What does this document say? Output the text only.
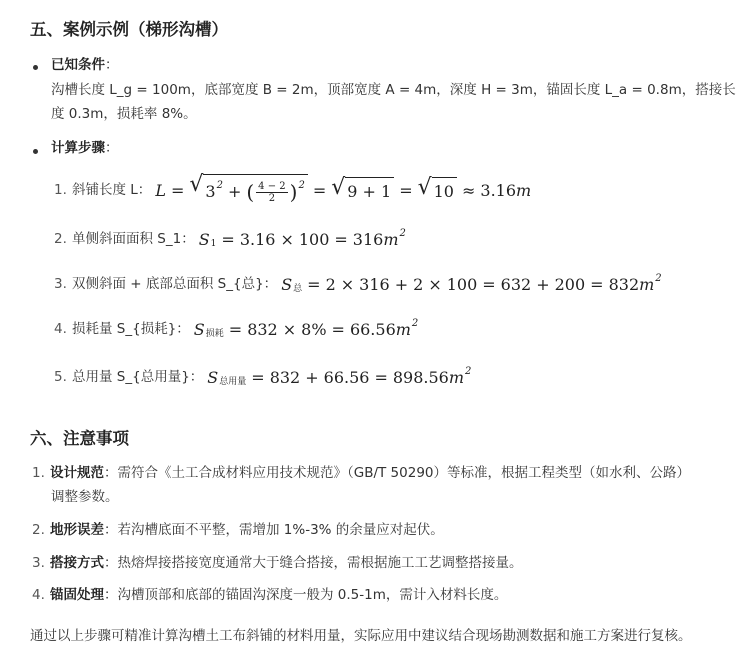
五、案例示例（梯形沟槽）
已知条件：
沟槽长度 L_g = 100m，底部宽度 B = 2m，顶部宽度 A = 4m，深度 H = 3m，锚固长度 L_a = 0.8m，搭接长
度 0.3m，损耗率 8%。
计算步骤：
1. 斜铺长度 L： L = √ $3^2$ + ( $\frac{4 - 2}{2} )^2$ = √ 9 + 1 = √ 10 ≈ 3.16 m
2. 单侧斜面面积 S_1： $S_1 = 3.16 \times 100 = 316$ $m^2$
3. 双侧斜面 + 底部总面积 S_{总}： $S_总 = 2 \times 316 + 2 \times 100 = 632 + 200 = 832$ $m^2$
4. 损耗量 S_{损耗}： $S_{损耗} = 832 \times 8\% = 66.56$ $m^2$
5. 总用量 S_{总用量}： $S_{总用量} = 832 + 66.56 = 898.56$ $m^2$
六、注意事项
1. 设计规范：需符合《土工合成材料应用技术规范》（GB/T 50290）等标准，根据工程类型（如水利、公路）
调整参数。
2. 地形误差：若沟槽底面不平整，需增加 1%-3% 的余量应对起伏。
3. 搭接方式：热熔焊接搭接宽度通常大于缝合搭接，需根据施工工艺调整搭接量。
4. 锚固处理：沟槽顶部和底部的锚固沟深度一般为 0.5-1m，需计入材料长度。
通过以上步骤可精准计算沟槽土工布斜铺的材料用量，实际应用中建议结合现场勘测数据和施工方案进行复核。
